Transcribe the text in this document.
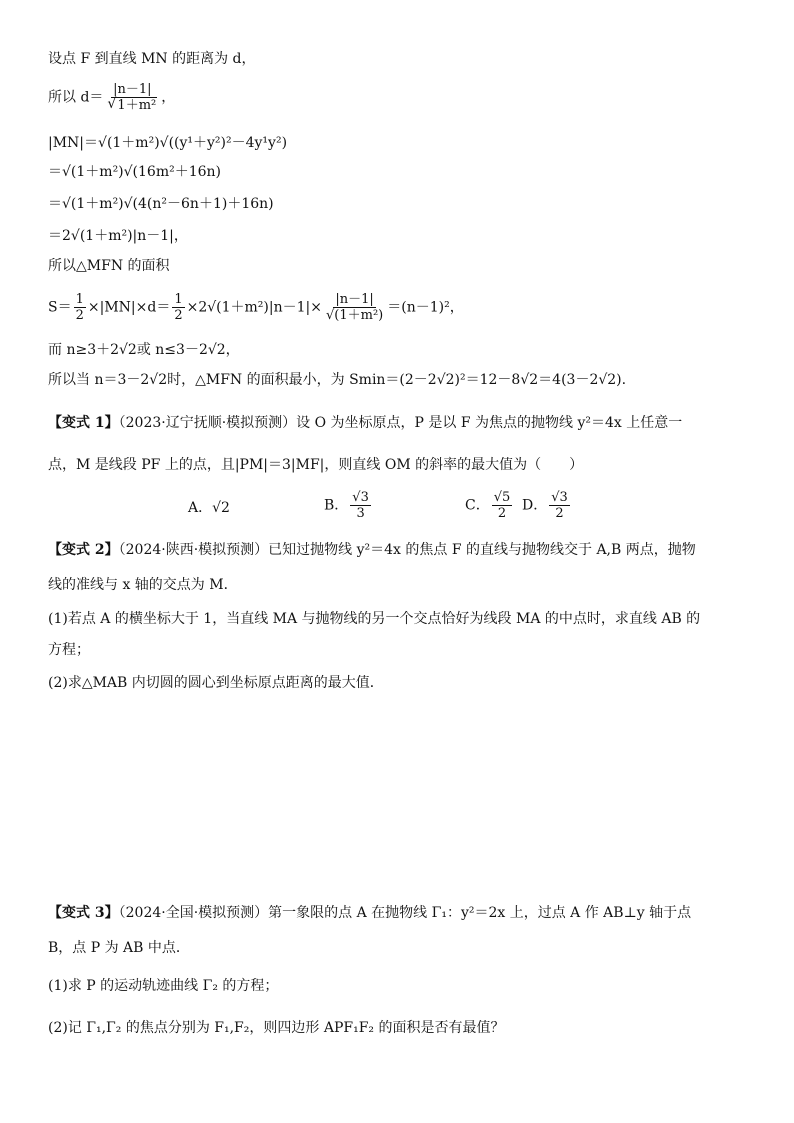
设点 F 到直线 MN 的距离为 d，
所以 d＝ |n－1|
√ 1＋m² ，
|MN|＝√(1＋m²)√((y¹＋y²)²－4y¹y²)
＝√(1＋m²)√(16m²＋16n)
＝√(1＋m²)√(4(n²－6n＋1)＋16n)
＝2√(1＋m²)|n－1|，
所以△MFN 的面积
$S= \frac{1}{2} \times|MN|\times d= \frac{1}{2} \times 2√(1+m^2)|n-1|\times \frac{|n-1|}{\text{√(1＋m²)}} =(n-1)^2$，
而 n≥3＋2√2或 n≤3－2√2，
所以当 n＝3－2√2时，△MFN 的面积最小，为 Smin＝(2－2√2)²＝12－8√2＝4(3－2√2).
【变式 1】（2023·辽宁抚顺·模拟预测）设 O 为坐标原点，P 是以 F 为焦点的抛物线 y²＝4x 上任意一
点，M 是线段 PF 上的点，且|PM|＝3|MF|，则直线 OM 的斜率的最大值为（　　）
A．√2	B． $\frac{√3}{3}$	C． $\frac{√5}{2}$ D． $\frac{√3}{2}$
【变式 2】（2024·陕西·模拟预测）已知过抛物线 y²＝4x 的焦点 F 的直线与抛物线交于 A,B 两点，抛物
线的准线与 x 轴的交点为 M．
(1)若点 A 的横坐标大于 1，当直线 MA 与抛物线的另一个交点恰好为线段 MA 的中点时，求直线 AB 的
方程；
(2)求△MAB 内切圆的圆心到坐标原点距离的最大值．
【变式 3】（2024·全国·模拟预测）第一象限的点 A 在抛物线 Γ₁：y²＝2x 上，过点 A 作 AB⊥y 轴于点
B，点 P 为 AB 中点．
(1)求 P 的运动轨迹曲线 Γ₂ 的方程；
(2)记 Γ₁,Γ₂ 的焦点分别为 F₁,F₂，则四边形 APF₁F₂ 的面积是否有最值？
